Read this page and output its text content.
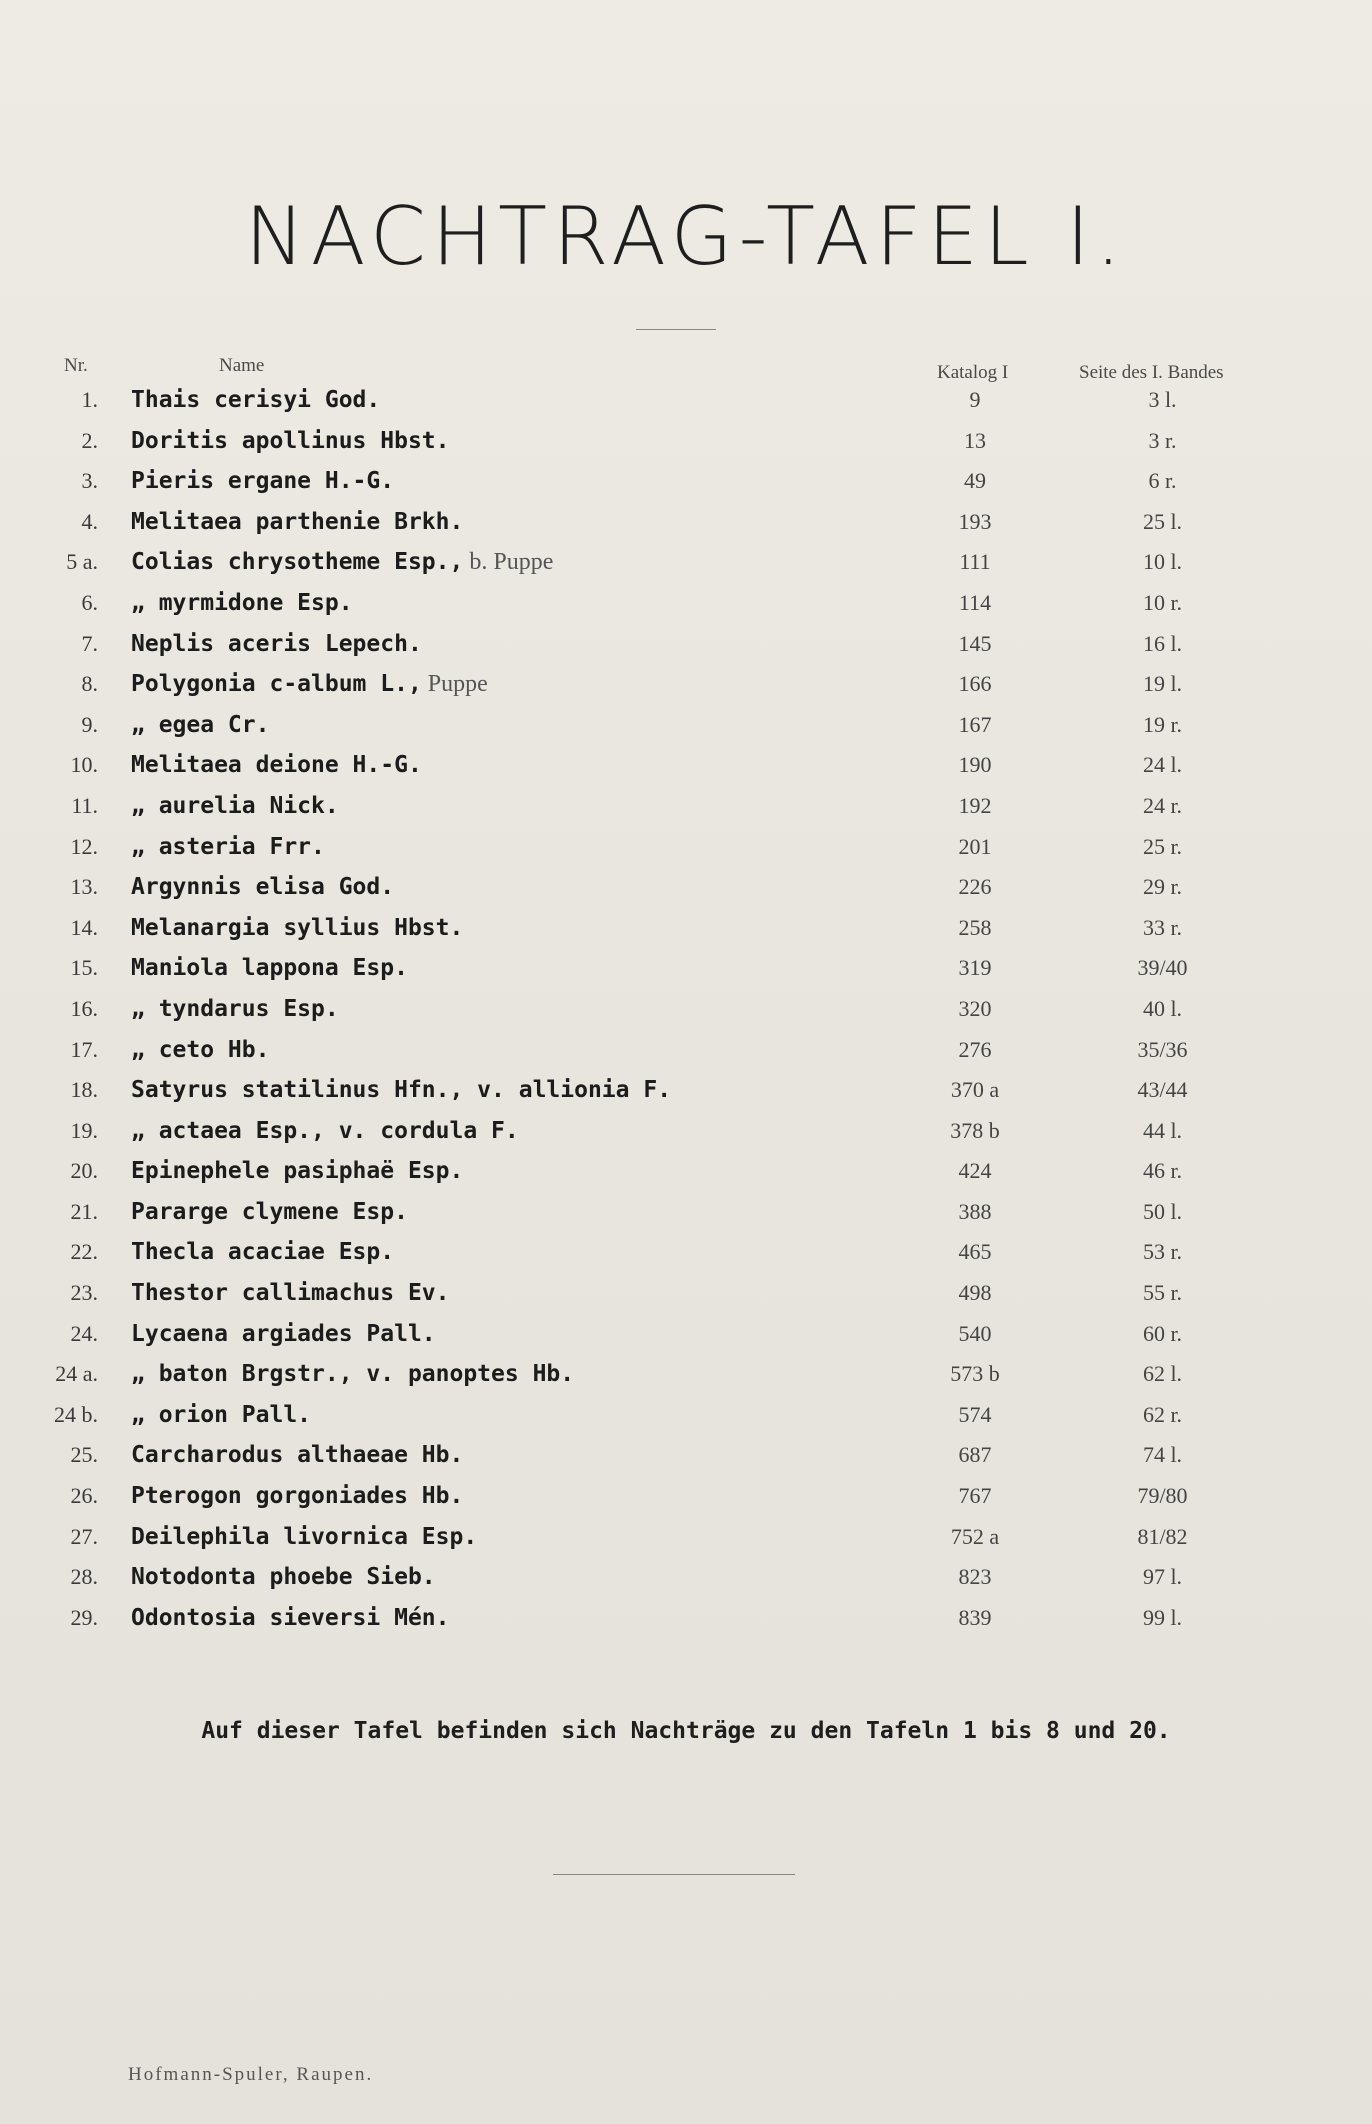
NACHTRAG-TAFEL I.
Nr.	Name	Katalog I	Seite des I. Bandes
1. Thais cerisyi God.	9	3 l.
2. Doritis apollinus Hbst.	13	3 r.
3. Pieris ergane H.-G.	49	6 r.
4. Melitaea parthenie Brkh.	193	25 l.
5 a. Colias chrysotheme Esp., b. Puppe	111	10 l.
6. „ myrmidone Esp.	114	10 r.
7. Neplis aceris Lepech.	145	16 l.
8. Polygonia c-album L., Puppe	166	19 l.
9. „ egea Cr.	167	19 r.
10. Melitaea deione H.-G.	190	24 l.
11. „ aurelia Nick.	192	24 r.
12. „ asteria Frr.	201	25 r.
13. Argynnis elisa God.	226	29 r.
14. Melanargia syllius Hbst.	258	33 r.
15. Maniola lappona Esp.	319	39/40
16. „ tyndarus Esp.	320	40 l.
17. „ ceto Hb.	276	35/36
18. Satyrus statilinus Hfn., v. allionia F.	370 a	43/44
19. „ actaea Esp., v. cordula F.	378 b	44 l.
20. Epinephele pasiphaë Esp.	424	46 r.
21. Pararge clymene Esp.	388	50 l.
22. Thecla acaciae Esp.	465	53 r.
23. Thestor callimachus Ev.	498	55 r.
24. Lycaena argiades Pall.	540	60 r.
24 a. „ baton Brgstr., v. panoptes Hb.	573 b	62 l.
24 b. „ orion Pall.	574	62 r.
25. Carcharodus althaeae Hb.	687	74 l.
26. Pterogon gorgoniades Hb.	767	79/80
27. Deilephila livornica Esp.	752 a	81/82
28. Notodonta phoebe Sieb.	823	97 l.
29. Odontosia sieversi Mén.	839	99 l.
Auf dieser Tafel befinden sich Nachträge zu den Tafeln 1 bis 8 und 20.
Hofmann-Spuler, Raupen.
